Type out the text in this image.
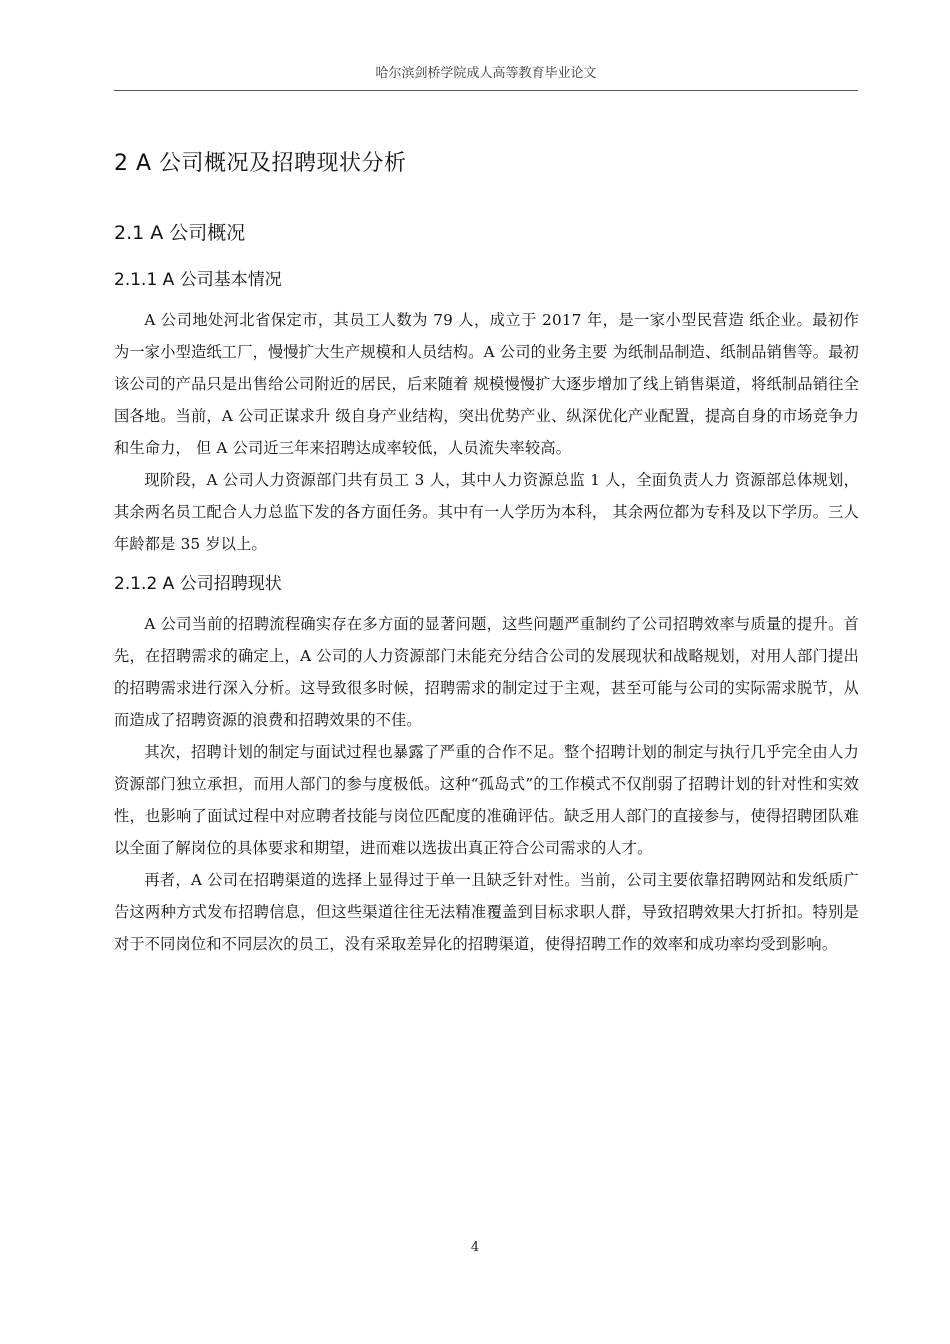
哈尔滨剑桥学院成人高等教育毕业论文
2 A 公司概况及招聘现状分析
2.1 A 公司概况
2.1.1 A 公司基本情况

A 公司地处河北省保定市，其员工人数为 79 人，成立于 2017 年，是一家小型民营造 纸企业。最初作为一家小型造纸工厂，慢慢扩大生产规模和人员结构。A 公司的业务主要 为纸制品制造、纸制品销售等。最初该公司的产品只是出售给公司附近的居民，后来随着 规模慢慢扩大逐步增加了线上销售渠道，将纸制品销往全国各地。当前，A 公司正谋求升 级自身产业结构，突出优势产业、纵深优化产业配置，提高自身的市场竞争力和生命力， 但 A 公司近三年来招聘达成率较低，人员流失率较高。

现阶段，A 公司人力资源部门共有员工 3 人，其中人力资源总监 1 人，全面负责人力 资源部总体规划，其余两名员工配合人力总监下发的各方面任务。其中有一人学历为本科， 其余两位都为专科及以下学历。三人年龄都是 35 岁以上。

2.1.2 A 公司招聘现状

A 公司当前的招聘流程确实存在多方面的显著问题，这些问题严重制约了公司招聘效率与质量的提升。首先，在招聘需求的确定上，A 公司的人力资源部门未能充分结合公司的发展现状和战略规划，对用人部门提出的招聘需求进行深入分析。这导致很多时候，招聘需求的制定过于主观，甚至可能与公司的实际需求脱节，从而造成了招聘资源的浪费和招聘效果的不佳。

其次，招聘计划的制定与面试过程也暴露了严重的合作不足。整个招聘计划的制定与执行几乎完全由人力资源部门独立承担，而用人部门的参与度极低。这种“孤岛式”的工作模式不仅削弱了招聘计划的针对性和实效性，也影响了面试过程中对应聘者技能与岗位匹配度的准确评估。缺乏用人部门的直接参与，使得招聘团队难以全面了解岗位的具体要求和期望，进而难以选拔出真正符合公司需求的人才。

再者，A 公司在招聘渠道的选择上显得过于单一且缺乏针对性。当前，公司主要依靠招聘网站和发纸质广告这两种方式发布招聘信息，但这些渠道往往无法精准覆盖到目标求职人群，导致招聘效果大打折扣。特别是对于不同岗位和不同层次的员工，没有采取差异化的招聘渠道，使得招聘工作的效率和成功率均受到影响。

4
